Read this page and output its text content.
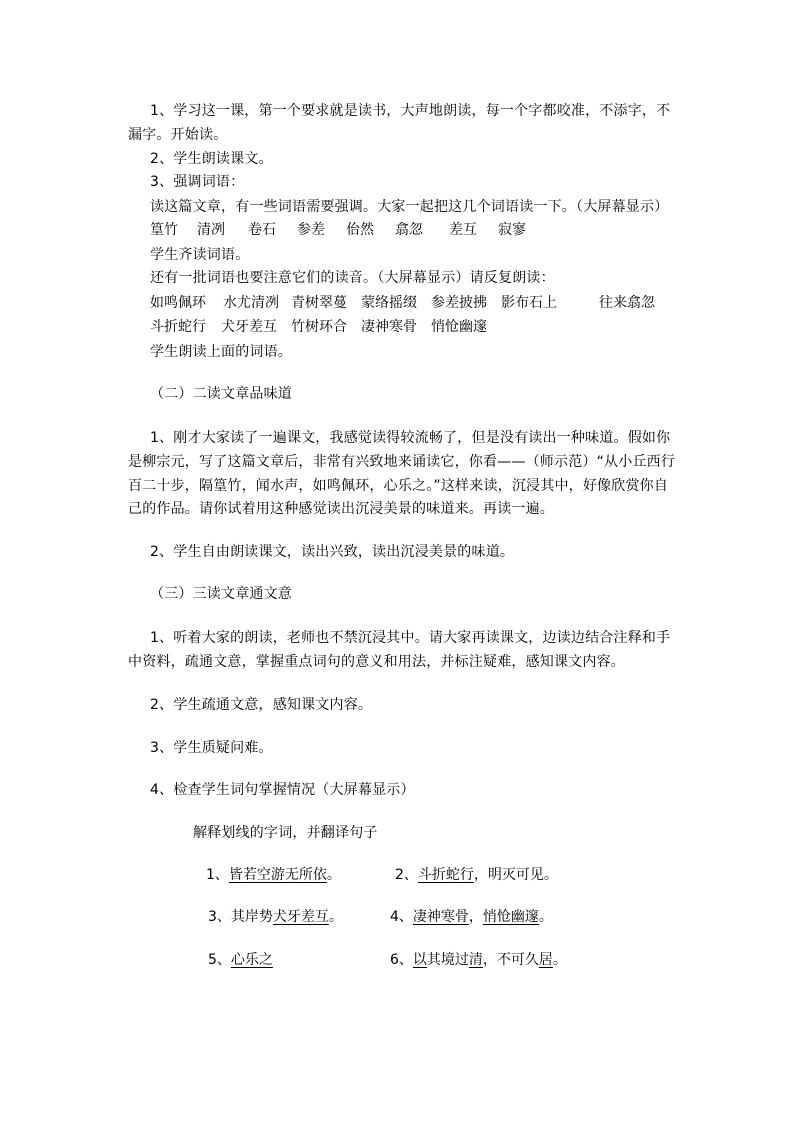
1、学习这一课，第一个要求就是读书，大声地朗读，每一个字都咬准，不添字，不
漏字。开始读。
2、学生朗读课文。
3、强调词语：
读这篇文章，有一些词语需要强调。大家一起把这几个词语读一下。（大屏幕显示）
篁竹 清冽 卷石 参差 佁然 翕忽 差互 寂寥
学生齐读词语。
还有一批词语也要注意它们的读音。（大屏幕显示）请反复朗读：
如鸣佩环 水尤清冽 青树翠蔓 蒙络摇缀 参差披拂 影布石上	往来翕忽
斗折蛇行 犬牙差互 竹树环合 凄神寒骨 悄怆幽邃
学生朗读上面的词语。
（二）二读文章品味道
1、刚才大家读了一遍课文，我感觉读得较流畅了，但是没有读出一种味道。假如你
是柳宗元，写了这篇文章后，非常有兴致地来诵读它，你看——（师示范）“从小丘西行
百二十步，隔篁竹，闻水声，如鸣佩环，心乐之。”这样来读，沉浸其中，好像欣赏你自
己的作品。请你试着用这种感觉读出沉浸美景的味道来。再读一遍。
2、学生自由朗读课文，读出兴致，读出沉浸美景的味道。
（三）三读文章通文意
1、听着大家的朗读，老师也不禁沉浸其中。请大家再读课文，边读边结合注释和手
中资料，疏通文意，掌握重点词句的意义和用法，并标注疑难，感知课文内容。
2、学生疏通文意，感知课文内容。
3、学生质疑问难。
4、检查学生词句掌握情况（大屏幕显示）
解释划线的字词，并翻译句子
1、皆若空游无所依。	2、斗折蛇行，明灭可见。
3、其岸势犬牙差互。	4、凄神寒骨，悄怆幽邃。
5、心乐之	6、以其境过清，不可久居。
